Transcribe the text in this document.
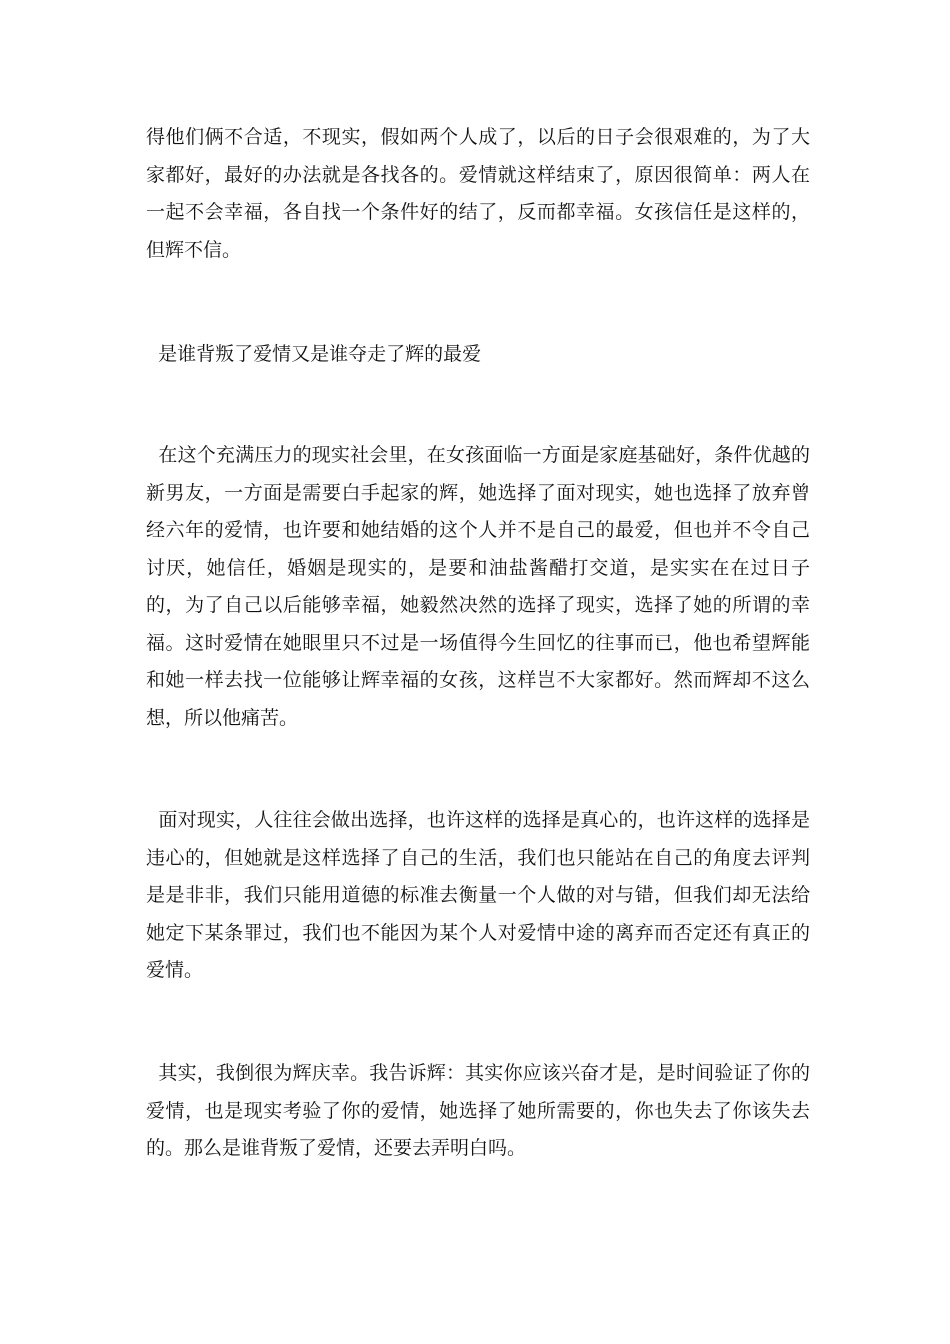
得他们俩不合适，不现实，假如两个人成了，以后的日子会很艰难的，为了大家都好，最好的办法就是各找各的。爱情就这样结束了，原因很简单：两人在一起不会幸福，各自找一个条件好的结了，反而都幸福。女孩信任是这样的，但辉不信。

是谁背叛了爱情又是谁夺走了辉的最爱

在这个充满压力的现实社会里，在女孩面临一方面是家庭基础好，条件优越的新男友，一方面是需要白手起家的辉，她选择了面对现实，她也选择了放弃曾经六年的爱情，也许要和她结婚的这个人并不是自己的最爱，但也并不令自己讨厌，她信任，婚姻是现实的，是要和油盐酱醋打交道，是实实在在过日子的，为了自己以后能够幸福，她毅然决然的选择了现实，选择了她的所谓的幸福。这时爱情在她眼里只不过是一场值得今生回忆的往事而已，他也希望辉能和她一样去找一位能够让辉幸福的女孩，这样岂不大家都好。然而辉却不这么想，所以他痛苦。

面对现实，人往往会做出选择，也许这样的选择是真心的，也许这样的选择是违心的，但她就是这样选择了自己的生活，我们也只能站在自己的角度去评判是是非非，我们只能用道德的标准去衡量一个人做的对与错，但我们却无法给她定下某条罪过，我们也不能因为某个人对爱情中途的离弃而否定还有真正的爱情。

其实，我倒很为辉庆幸。我告诉辉：其实你应该兴奋才是，是时间验证了你的爱情，也是现实考验了你的爱情，她选择了她所需要的，你也失去了你该失去的。那么是谁背叛了爱情，还要去弄明白吗。
